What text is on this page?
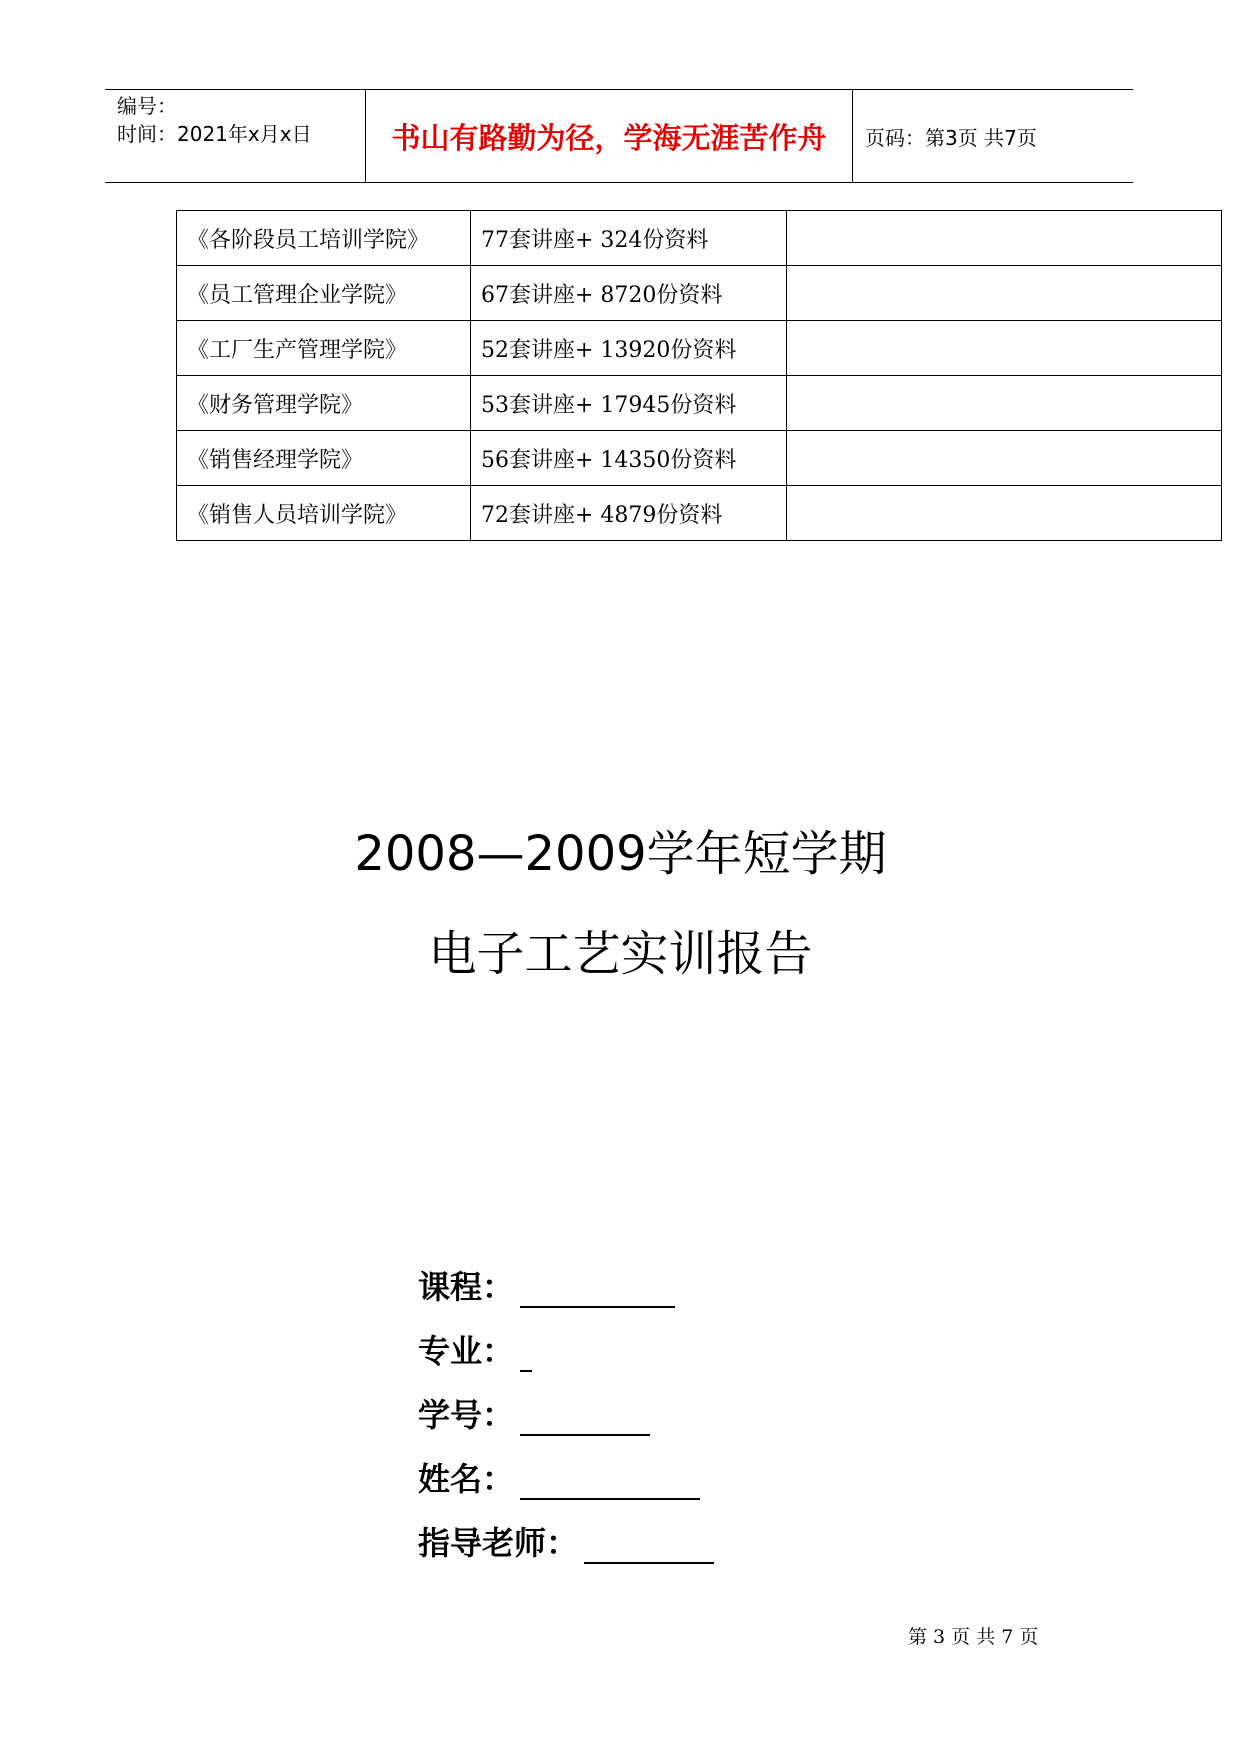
编号：
时间：2021年x月x日	书山有路勤为径，学海无涯苦作舟	页码：第3页 共7页
《各阶段员工培训学院》	77套讲座+ 324份资料	
《员工管理企业学院》	67套讲座+ 8720份资料	
《工厂生产管理学院》	52套讲座+ 13920份资料	
《财务管理学院》	53套讲座+ 17945份资料	
《销售经理学院》	56套讲座+ 14350份资料	
《销售人员培训学院》	72套讲座+ 4879份资料	
2008—2009学年短学期
电子工艺实训报告
课程：
专业：
学号：
姓名：
指导老师：
第 3 页 共 7 页
